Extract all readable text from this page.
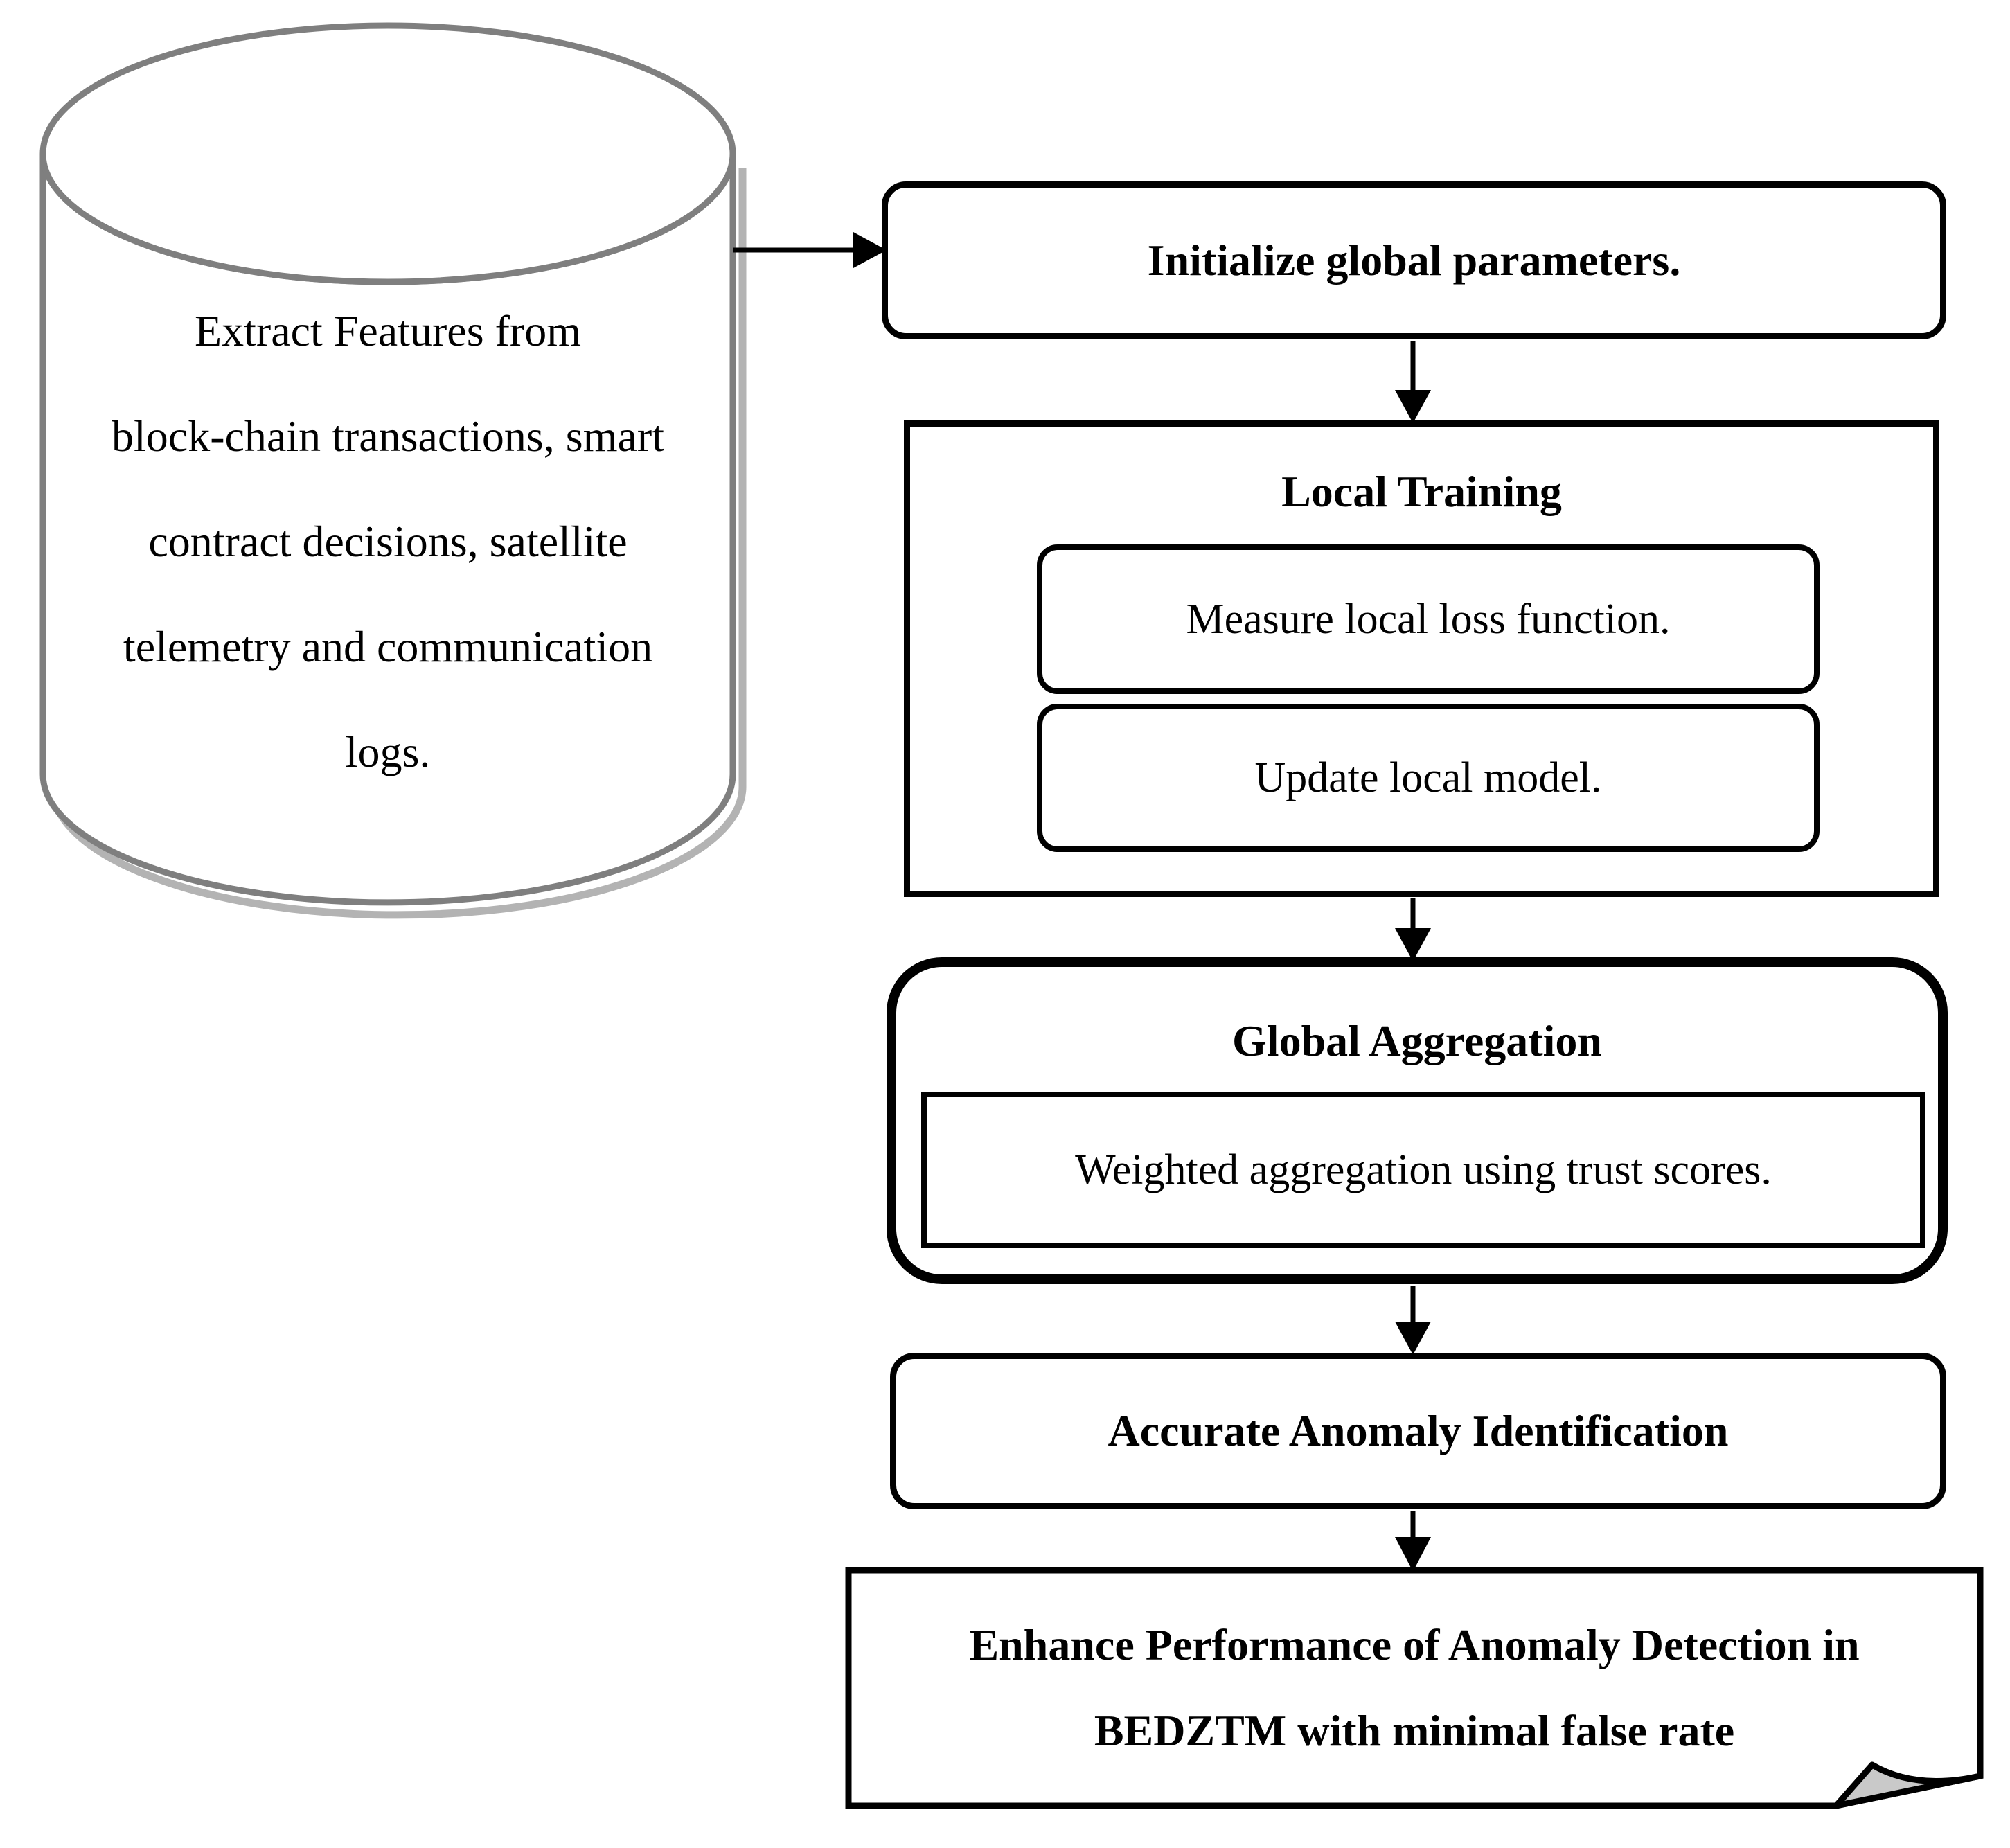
Extract Features from
block-chain transactions, smart
contract decisions, satellite
telemetry and communication
logs.
Initialize global parameters.
Local Training
Measure local loss function.
Update local model.
Global Aggregation
Weighted aggregation using trust scores.
Accurate Anomaly Identification
Enhance Performance of Anomaly Detection in
BEDZTM with minimal false rate
